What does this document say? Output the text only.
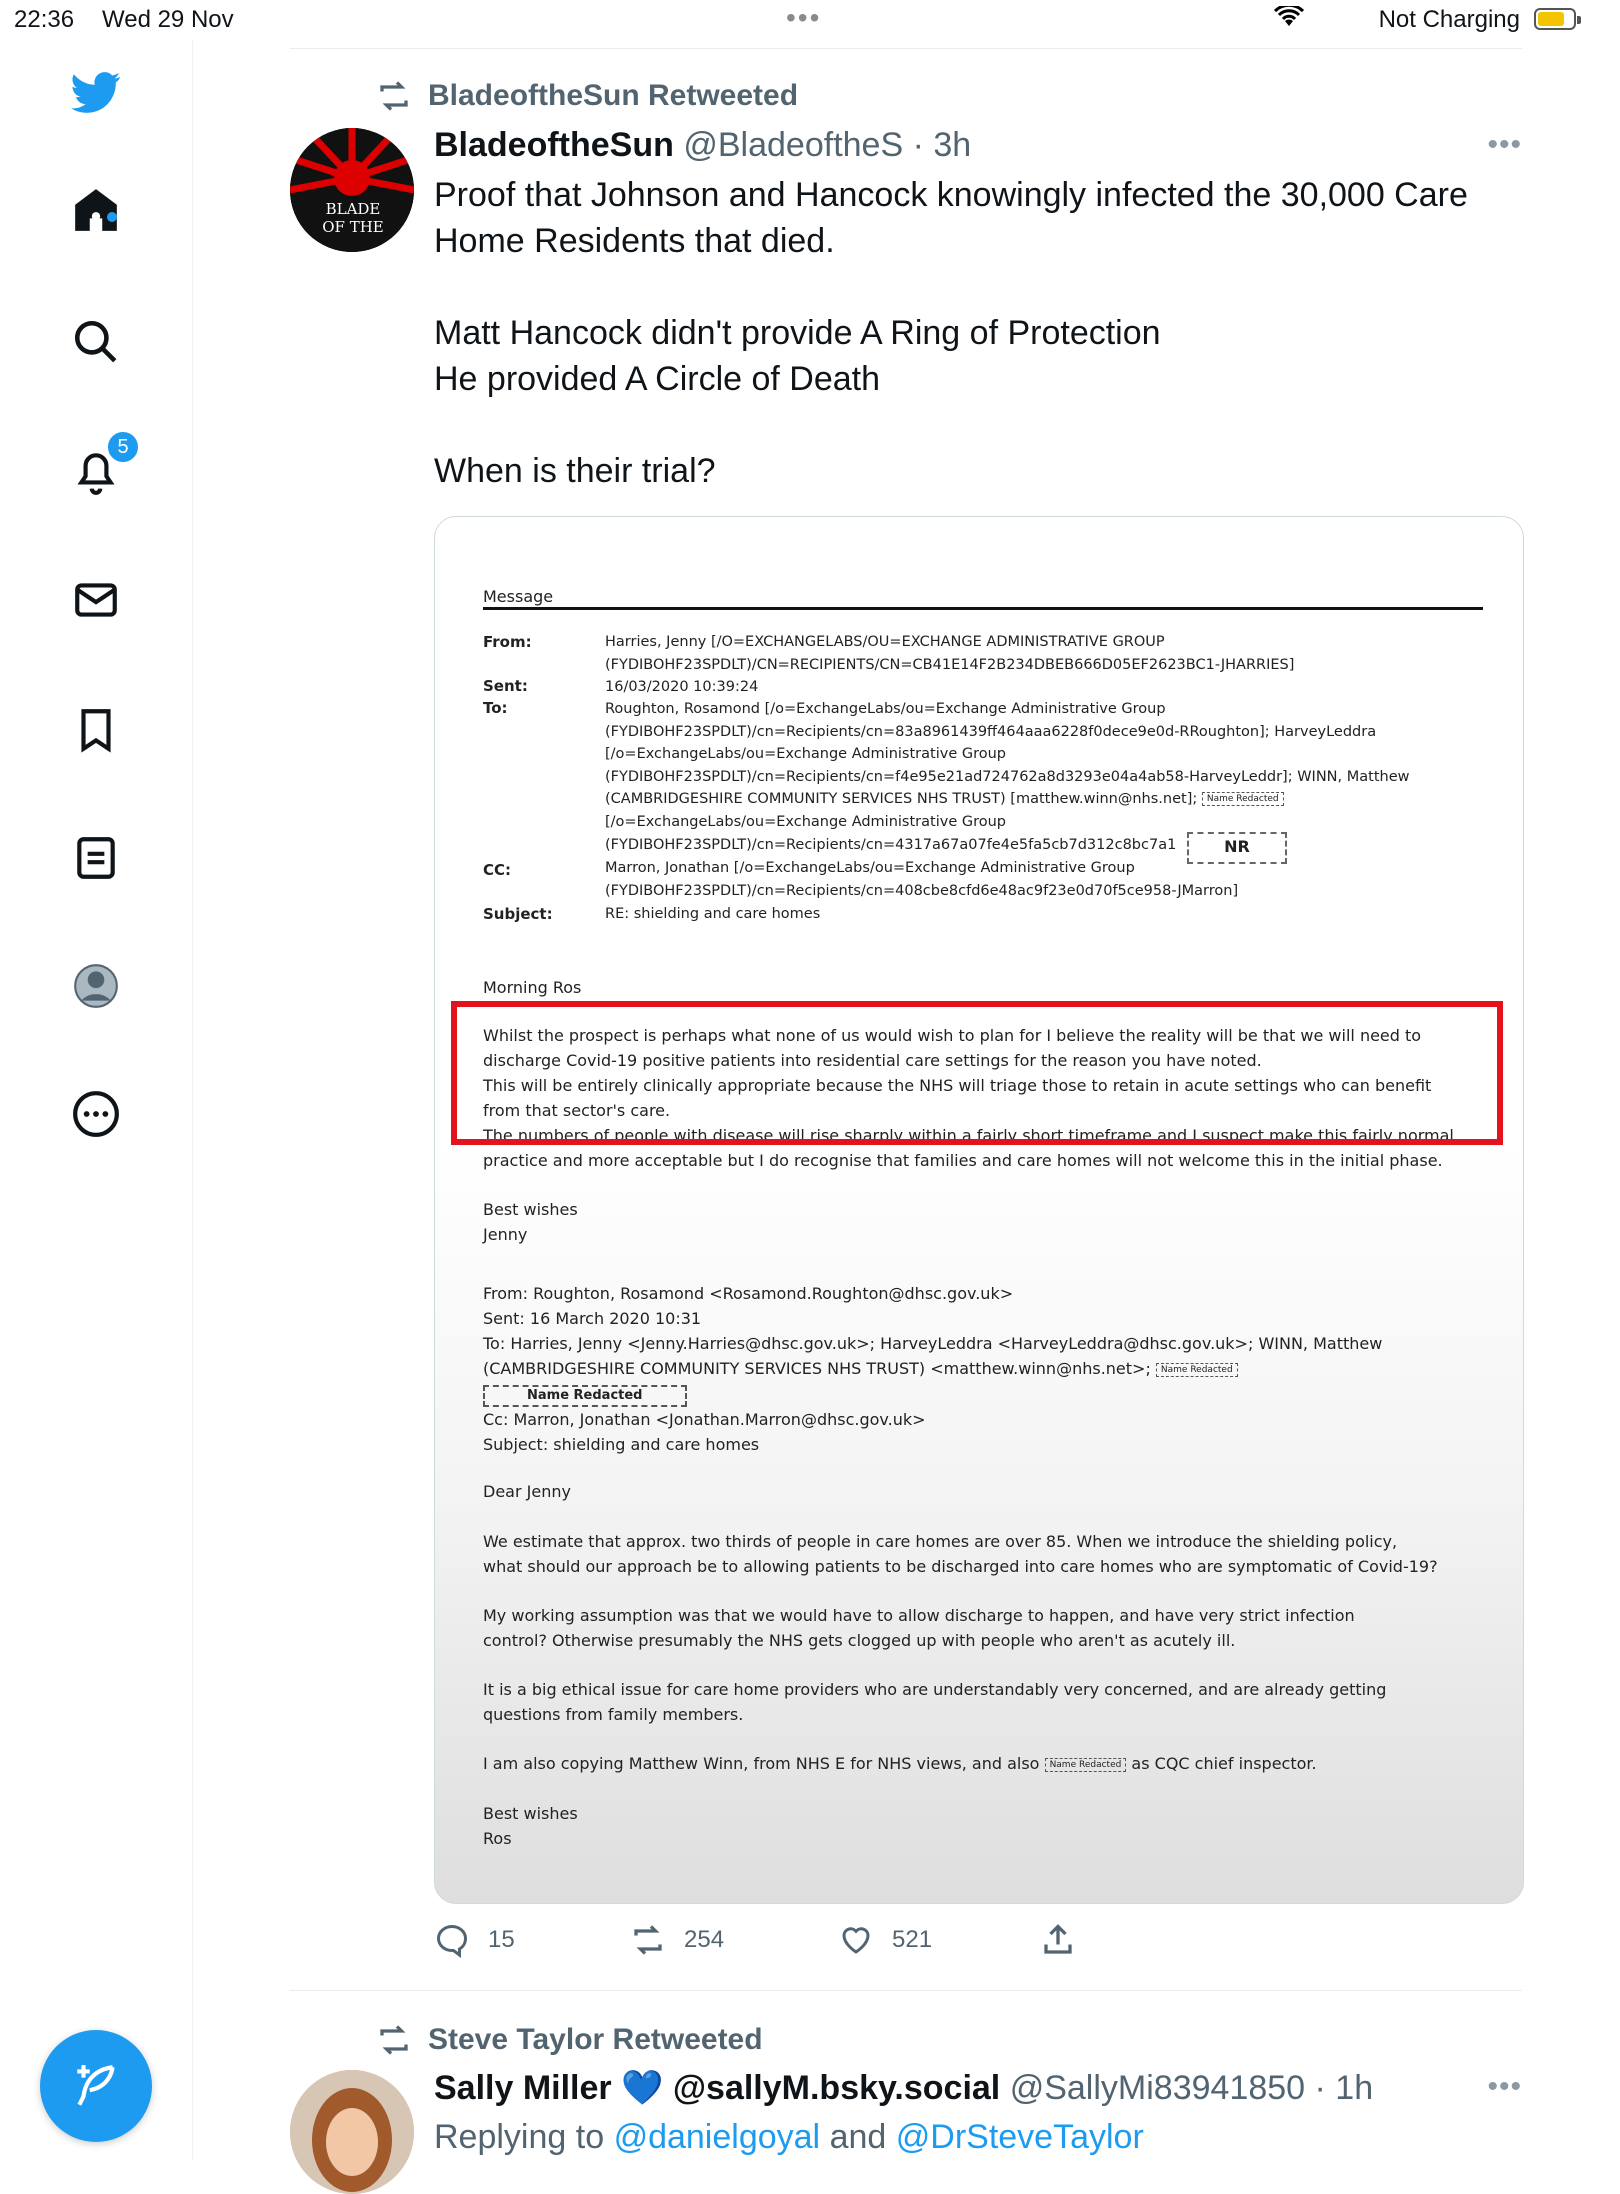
22:36 Wed 29 Nov	•••	Not Charging
5
BladeoftheSun Retweeted
BLADE OF THE
BladeoftheSun @BladeoftheS · 3h	•••

Proof that Johnson and Hancock knowingly infected the 30,000 Care

Home Residents that died.

Matt Hancock didn't provide A Ring of Protection

He provided A Circle of Death

When is their trial?

Message
From:	Harries, Jenny [/O=EXCHANGELABS/OU=EXCHANGE ADMINISTRATIVE GROUP

(FYDIBOHF23SPDLT)/CN=RECIPIENTS/CN=CB41E14F2B234DBEB666D05EF2623BC1-JHARRIES]

Sent:	16/03/2020 10:39:24

To:	Roughton, Rosamond [/o=ExchangeLabs/ou=Exchange Administrative Group

(FYDIBOHF23SPDLT)/cn=Recipients/cn=83a8961439ff464aaa6228f0dece9e0d-RRoughton]; HarveyLeddra

[/o=ExchangeLabs/ou=Exchange Administrative Group

(FYDIBOHF23SPDLT)/cn=Recipients/cn=f4e95e21ad724762a8d3293e04a4ab58-HarveyLeddr]; WINN, Matthew

(CAMBRIDGESHIRE COMMUNITY SERVICES NHS TRUST) [matthew.winn@nhs.net]; Name Redacted

[/o=ExchangeLabs/ou=Exchange Administrative Group

(FYDIBOHF23SPDLT)/cn=Recipients/cn=4317a67a07fe4e5fa5cb7d312c8bc7a1	NR
CC:	Marron, Jonathan [/o=ExchangeLabs/ou=Exchange Administrative Group

(FYDIBOHF23SPDLT)/cn=Recipients/cn=408cbe8cfd6e48ac9f23e0d70f5ce958-JMarron]

Subject:	RE: shielding and care homes

Morning Ros

Whilst the prospect is perhaps what none of us would wish to plan for I believe the reality will be that we will need to

discharge Covid-19 positive patients into residential care settings for the reason you have noted.

This will be entirely clinically appropriate because the NHS will triage those to retain in acute settings who can benefit

from that sector's care.

The numbers of people with disease will rise sharply within a fairly short timeframe and I suspect make this fairly normal

practice and more acceptable but I do recognise that families and care homes will not welcome this in the initial phase.

Best wishes

Jenny

From: Roughton, Rosamond <Rosamond.Roughton@dhsc.gov.uk>

Sent: 16 March 2020 10:31

To: Harries, Jenny <Jenny.Harries@dhsc.gov.uk>; HarveyLeddra <HarveyLeddra@dhsc.gov.uk>; WINN, Matthew

(CAMBRIDGESHIRE COMMUNITY SERVICES NHS TRUST) <matthew.winn@nhs.net>; Name Redacted

Name Redacted

Cc: Marron, Jonathan <Jonathan.Marron@dhsc.gov.uk>

Subject: shielding and care homes

Dear Jenny

We estimate that approx. two thirds of people in care homes are over 85. When we introduce the shielding policy,

what should our approach be to allowing patients to be discharged into care homes who are symptomatic of Covid-19?

My working assumption was that we would have to allow discharge to happen, and have very strict infection

control? Otherwise presumably the NHS gets clogged up with people who aren't as acutely ill.

It is a big ethical issue for care home providers who are understandably very concerned, and are already getting

questions from family members.

I am also copying Matthew Winn, from NHS E for NHS views, and also Name Redacted as CQC chief inspector.

Best wishes

Ros

15	254	521
Steve Taylor Retweeted
Sally Miller 💙 @sallyM.bsky.social @SallyMi83941850 · 1h	•••
Replying to @danielgoyal and @DrSteveTaylor
